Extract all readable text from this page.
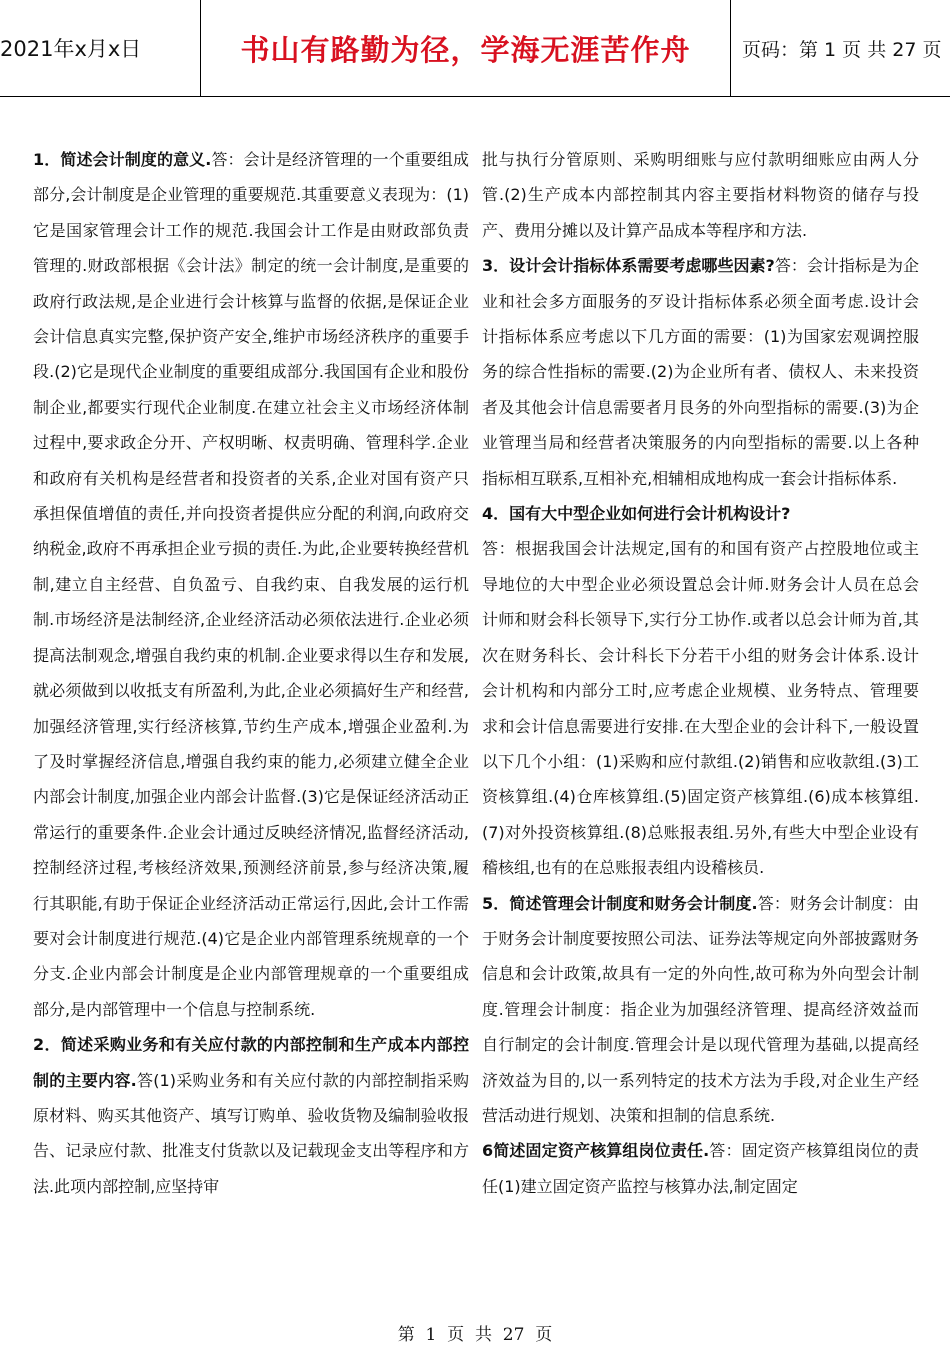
2021年x月x日	书山有路勤为径，学海无涯苦作舟	页码：第 1 页 共 27 页

1．简述会计制度的意义.答：会计是经济管理的一个重要组成部分,会计制度是企业管理的重要规范.其重要意义表现为：(1)它是国家管理会计工作的规范.我国会计工作是由财政部负责管理的.财政部根据《会计法》制定的统一会计制度,是重要的政府行政法规,是企业进行会计核算与监督的依据,是保证企业会计信息真实完整,保护资产安全,维护市场经济秩序的重要手段.(2)它是现代企业制度的重要组成部分.我国国有企业和股份制企业,都要实行现代企业制度.在建立社会主义市场经济体制过程中,要求政企分开、产权明晰、权责明确、管理科学.企业和政府有关机构是经营者和投资者的关系,企业对国有资产只承担保值增值的责任,并向投资者提供应分配的利润,向政府交纳税金,政府不再承担企业亏损的责任.为此,企业要转换经营机制,建立自主经营、自负盈亏、自我约束、自我发展的运行机制.市场经济是法制经济,企业经济活动必须依法进行.企业必须提高法制观念,增强自我约束的机制.企业要求得以生存和发展,就必须做到以收抵支有所盈利,为此,企业必须搞好生产和经营,加强经济管理,实行经济核算,节约生产成本,增强企业盈利.为了及时掌握经济信息,增强自我约束的能力,必须建立健全企业内部会计制度,加强企业内部会计监督.(3)它是保证经济活动正常运行的重要条件.企业会计通过反映经济情况,监督经济活动,控制经济过程,考核经济效果,预测经济前景,参与经济决策,履行其职能,有助于保证企业经济活动正常运行,因此,会计工作需要对会计制度进行规范.(4)它是企业内部管理系统规章的一个分支.企业内部会计制度是企业内部管理规章的一个重要组成部分,是内部管理中一个信息与控制系统.

2．简述采购业务和有关应付款的内部控制和生产成本内部控制的主要内容.答(1)采购业务和有关应付款的内部控制指采购原材料、购买其他资产、填写订购单、验收货物及编制验收报告、记录应付款、批准支付货款以及记载现金支出等程序和方法.此项内部控制,应坚持审

批与执行分管原则、采购明细账与应付款明细账应由两人分管.(2)生产成本内部控制其内容主要指材料物资的储存与投产、费用分摊以及计算产品成本等程序和方法.

3．设计会计指标体系需要考虑哪些因素?答：会计指标是为企业和社会多方面服务的歹设计指标体系必须全面考虑.设计会计指标体系应考虑以下几方面的需要：(1)为国家宏观调控服务的综合性指标的需要.(2)为企业所有者、债权人、未来投资者及其他会计信息需要者月艮务的外向型指标的需要.(3)为企业管理当局和经营者决策服务的内向型指标的需要.以上各种指标相互联系,互相补充,相辅相成地构成一套会计指标体系.

4．国有大中型企业如何进行会计机构设计?

答：根据我国会计法规定,国有的和国有资产占控股地位或主导地位的大中型企业必须设置总会计师.财务会计人员在总会计师和财会科长领导下,实行分工协作.或者以总会计师为首,其次在财务科长、会计科长下分若干小组的财务会计体系.设计会计机构和内部分工时,应考虑企业规模、业务特点、管理要求和会计信息需要进行安排.在大型企业的会计科下,一般设置以下几个小组：(1)采购和应付款组.(2)销售和应收款组.(3)工资核算组.(4)仓库核算组.(5)固定资产核算组.(6)成本核算组.(7)对外投资核算组.(8)总账报表组.另外,有些大中型企业设有稽核组,也有的在总账报表组内设稽核员.

5．简述管理会计制度和财务会计制度.答：财务会计制度：由于财务会计制度要按照公司法、证券法等规定向外部披露财务信息和会计政策,故具有一定的外向性,故可称为外向型会计制度.管理会计制度：指企业为加强经济管理、提高经济效益而自行制定的会计制度.管理会计是以现代管理为基础,以提高经济效益为目的,以一系列特定的技术方法为手段,对企业生产经营活动进行规划、决策和担制的信息系统.

6简述固定资产核算组岗位责任.答：固定资产核算组岗位的责任(1)建立固定资产监控与核算办法,制定固定

第  1  页  共  27  页
